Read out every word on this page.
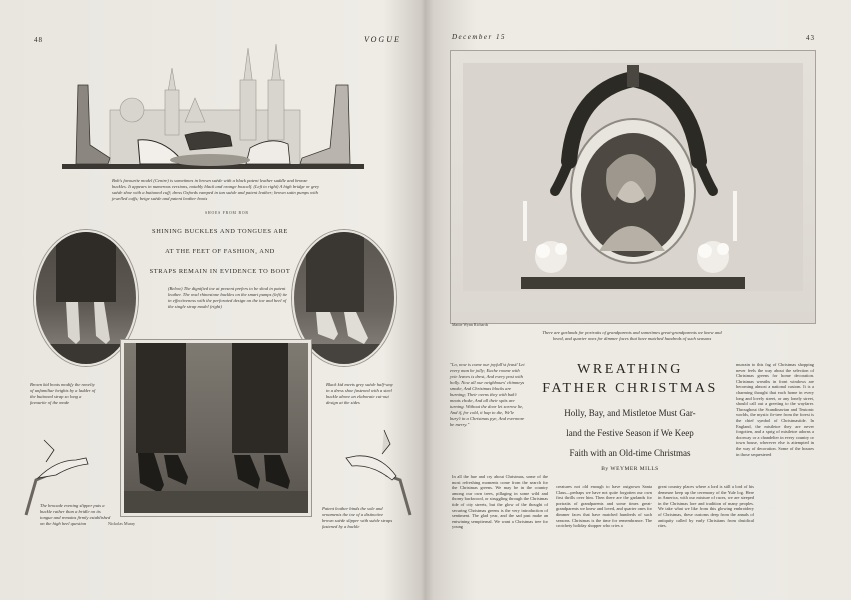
48	VOGUE
Bob's favourite model (Centre) is sometimes in brown suède with a black patent leather saddle and bronze buckles. It appears in numerous versions, notably black and orange boxcalf. (Left to right) A high bridge or grey suède shoe with a buttoned cuff; dress Oxfords vamped in tan suède and patent leather; brown satin pumps with jewelled cuffs; beige suède and patent leather boots
SHOES FROM BOB
SHINING BUCKLES AND TONGUES ARE
AT THE FEET OF FASHION, AND
STRAPS REMAIN IN EVIDENCE TO BOOT
(Below) The dignified toe at present prefers to be shod in patent leather. The oval rhinestone buckles on the smart pumps (left) tie in effectiveness with the perforated design on the toe and heel of the single strap model (right)
Nickolas Muray
Brown kid boots modify the novelty of unfamiliar heights by a ladder of the buttoned strap so long a favourite of the mode
Black kid meets grey suède half-way in a dress shoe fastened with a steel buckle above an elaborate cut-out design at the sides
The brocade evening slipper puts a buckle rather than a bridle on its tongue and remains firmly established on the high heel question
Patent leather binds the sole and ornaments the toe of a distinctive brown suède slipper with suède straps fastened by a buckle
December 15	43
Mattie Wynn Richards
There are garlands for portraits of grandparents and sometimes great-grandparents we knew and loved, and quarter ones for dimmer faces that have matched hundreds of such seasons
"Lo, now is come our joyfull'st feast! Let every man be jolly; Eache roome with yvie leaves is drest, And every post with holly. Now all our neighbours' chimneys smoke, And Christmas blocks are burning; Their ovens they with bak't meats choke, And all their spits are turning. Without the door let sorrow lie, And if, for cold, it hap to die, We'le bury't in a Christmas pye, And evermore be merry."
WREATHING
FATHER CHRISTMAS
Holly, Bay, and Mistletoe Must Gar-
land the Festive Season if We Keep
Faith with an Old-time Christmas
By WEYMER MILLS
murrain to this fag of Christmas shopping never feels the way about the selection of Christmas greens for home decoration. Christmas wreaths in front windows are becoming almost a national custom. It is a charming thought that each home in every long and lovely street, or any lonely street, should call out a greeting to the wayfarer. Throughout the Scandinavian and Teutonic worlds, the mystic fir-tree from the forest is the chief symbol of Christmastide. In England, the mistletoe they are never forgotten, and a sprig of mistletoe adorns a doorway or a chandelier in every country or town house, wherever else is attempted in the way of decoration. Some of the houses in those sequestered
In all the hue and cry about Christmas, some of the most refreshing moments come from the search for the Christmas greens. We may be in the country among our own trees, pillaging in some wild and thorny backwood, or struggling through the Christmas tide of city streets, but the glow of the thought of securing Christmas greens is the very introduction of sentiment. The glad year, and the sad past make an entwining sempiternal. We want a Christmas tree for young
creatures not old enough to have outgrown Santa Claus—perhaps we have not quite forgotten our own first thrills over him. Then there are the garlands for portraits of grandparents and some times great-grandparents we knew and loved, and quarter ones for dimmer faces that have matched hundreds of such seasons. Christmas is the time for remembrance. The crotchety holiday shopper who cries a
great country places where a lord is still a lord of his demesne keep up the ceremony of the Yule log. Here in America, with our mixture of races, we are steeped in the Christmas lore and tradition of many peoples. We take what we like from this glowing embroidery of Christmas, these customs deep from the annals of antiquity called by early Christians from druidical rites.
